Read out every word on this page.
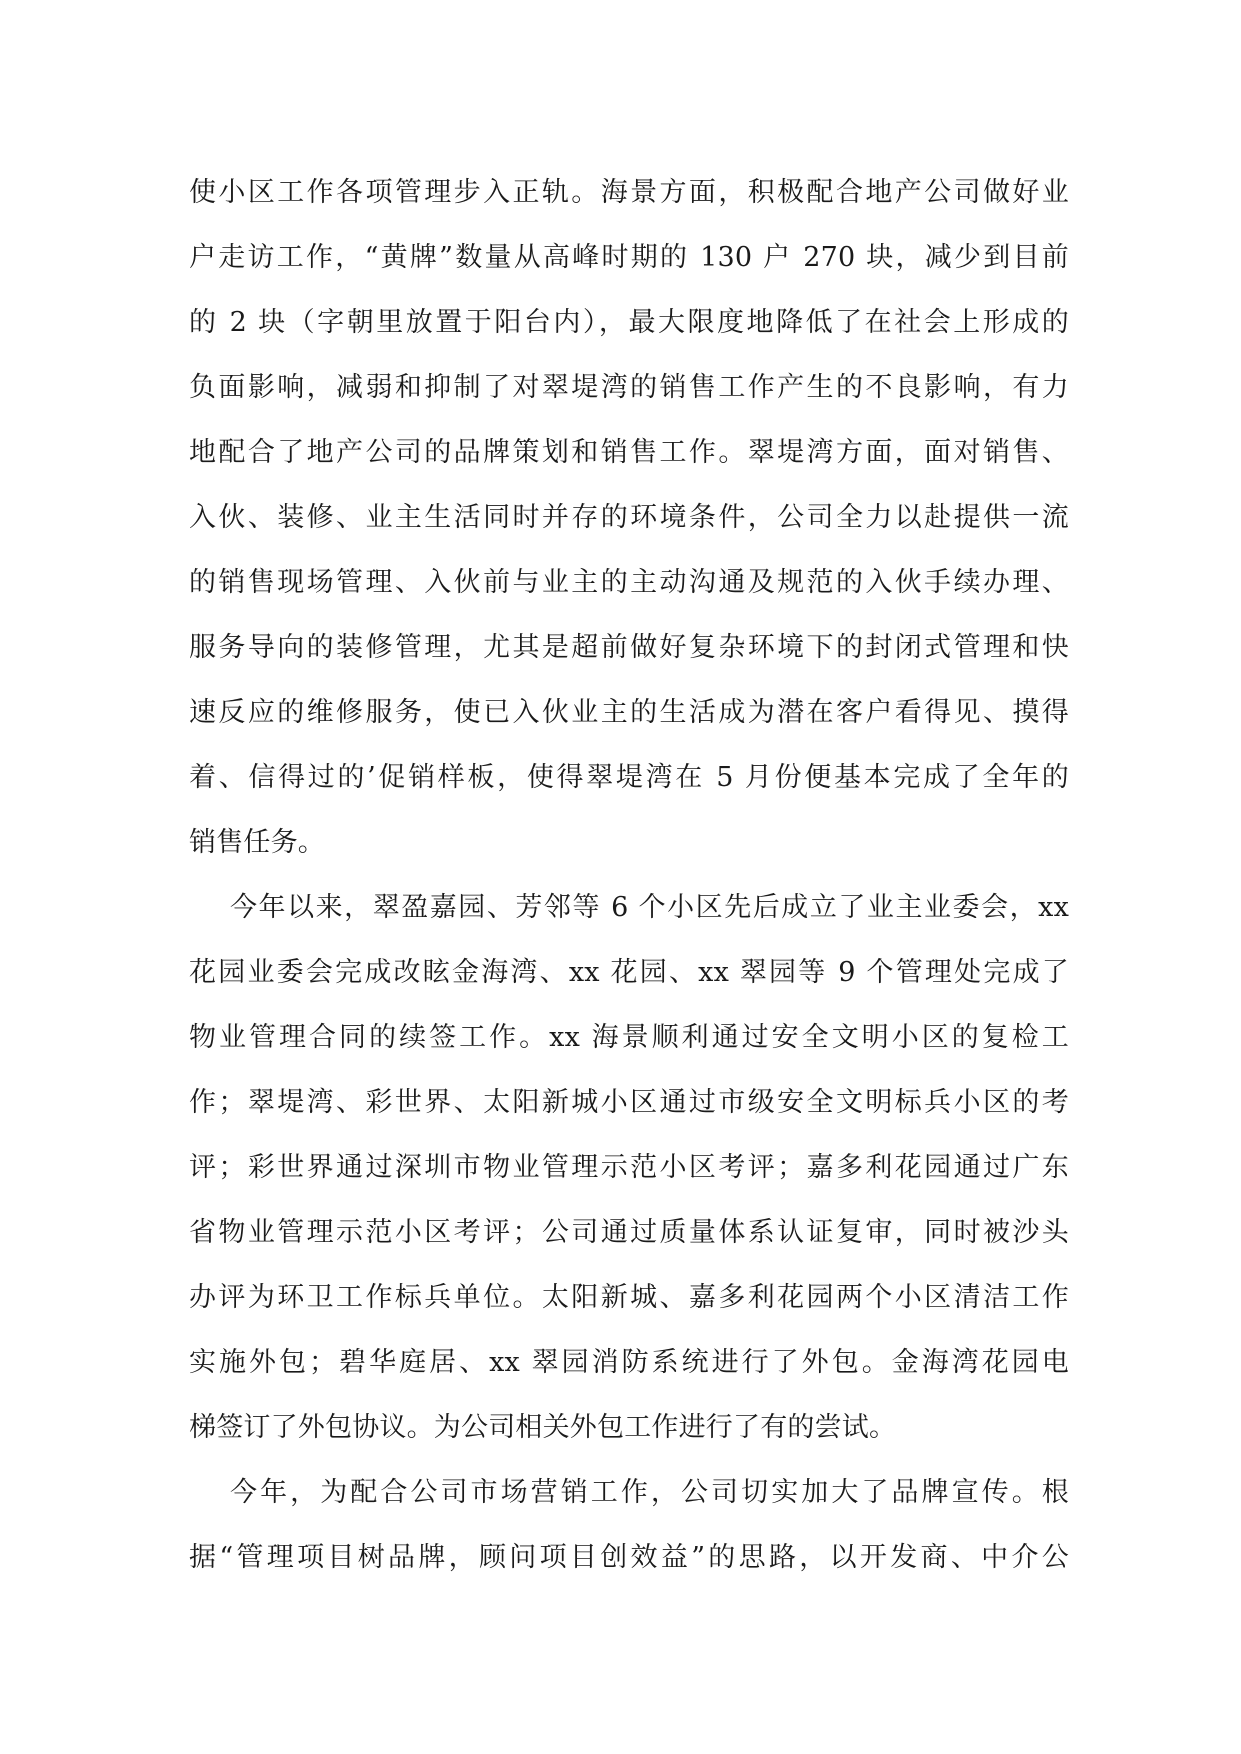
使小区工作各项管理步入正轨。海景方面，积极配合地产公司做好业
户走访工作，“黄牌”数量从高峰时期的 130 户 270 块，减少到目前
的 2 块（字朝里放置于阳台内），最大限度地降低了在社会上形成的
负面影响，减弱和抑制了对翠堤湾的销售工作产生的不良影响，有力
地配合了地产公司的品牌策划和销售工作。翠堤湾方面，面对销售、
入伙、装修、业主生活同时并存的环境条件，公司全力以赴提供一流
的销售现场管理、入伙前与业主的主动沟通及规范的入伙手续办理、
服务导向的装修管理，尤其是超前做好复杂环境下的封闭式管理和快
速反应的维修服务，使已入伙业主的生活成为潜在客户看得见、摸得
着、信得过的’促销样板，使得翠堤湾在 5 月份便基本完成了全年的
销售任务。
今年以来，翠盈嘉园、芳邻等 6 个小区先后成立了业主业委会，xx
花园业委会完成改眩金海湾、xx 花园、xx 翠园等 9 个管理处完成了
物业管理合同的续签工作。xx 海景顺利通过安全文明小区的复检工
作；翠堤湾、彩世界、太阳新城小区通过市级安全文明标兵小区的考
评；彩世界通过深圳市物业管理示范小区考评；嘉多利花园通过广东
省物业管理示范小区考评；公司通过质量体系认证复审，同时被沙头
办评为环卫工作标兵单位。太阳新城、嘉多利花园两个小区清洁工作
实施外包；碧华庭居、xx 翠园消防系统进行了外包。金海湾花园电
梯签订了外包协议。为公司相关外包工作进行了有的尝试。
今年，为配合公司市场营销工作，公司切实加大了品牌宣传。根
据“管理项目树品牌，顾问项目创效益”的思路，以开发商、中介公
